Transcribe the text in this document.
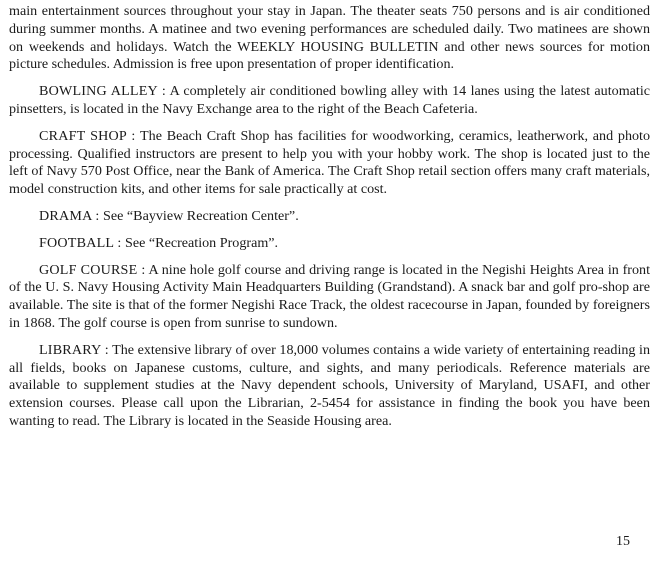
main entertainment sources throughout your stay in Japan. The theater seats 750 persons and is air conditioned during summer months. A matinee and two evening performances are scheduled daily. Two matinees are shown on weekends and holidays. Watch the WEEKLY HOUSING BULLETIN and other news sources for motion picture schedules. Admission is free upon presentation of proper identification.

BOWLING ALLEY : A completely air conditioned bowling alley with 14 lanes using the latest automatic pinsetters, is located in the Navy Exchange area to the right of the Beach Cafeteria.

CRAFT SHOP : The Beach Craft Shop has facilities for woodworking, ceramics, leatherwork, and photo processing. Qualified instructors are present to help you with your hobby work. The shop is located just to the left of Navy 570 Post Office, near the Bank of America. The Craft Shop retail section offers many craft materials, model construction kits, and other items for sale practically at cost.

DRAMA : See “Bayview Recreation Center”.

FOOTBALL : See “Recreation Program”.

GOLF COURSE : A nine hole golf course and driving range is located in the Negishi Heights Area in front of the U. S. Navy Housing Activity Main Headquarters Building (Grandstand). A snack bar and golf pro-shop are available. The site is that of the former Negishi Race Track, the oldest racecourse in Japan, founded by foreigners in 1868. The golf course is open from sunrise to sundown.

LIBRARY : The extensive library of over 18,000 volumes contains a wide variety of entertaining reading in all fields, books on Japanese customs, culture, and sights, and many periodicals. Reference materials are available to supplement studies at the Navy dependent schools, University of Maryland, USAFI, and other extension courses. Please call upon the Librarian, 2-5454 for assistance in finding the book you have been wanting to read. The Library is located in the Seaside Housing area.

15
